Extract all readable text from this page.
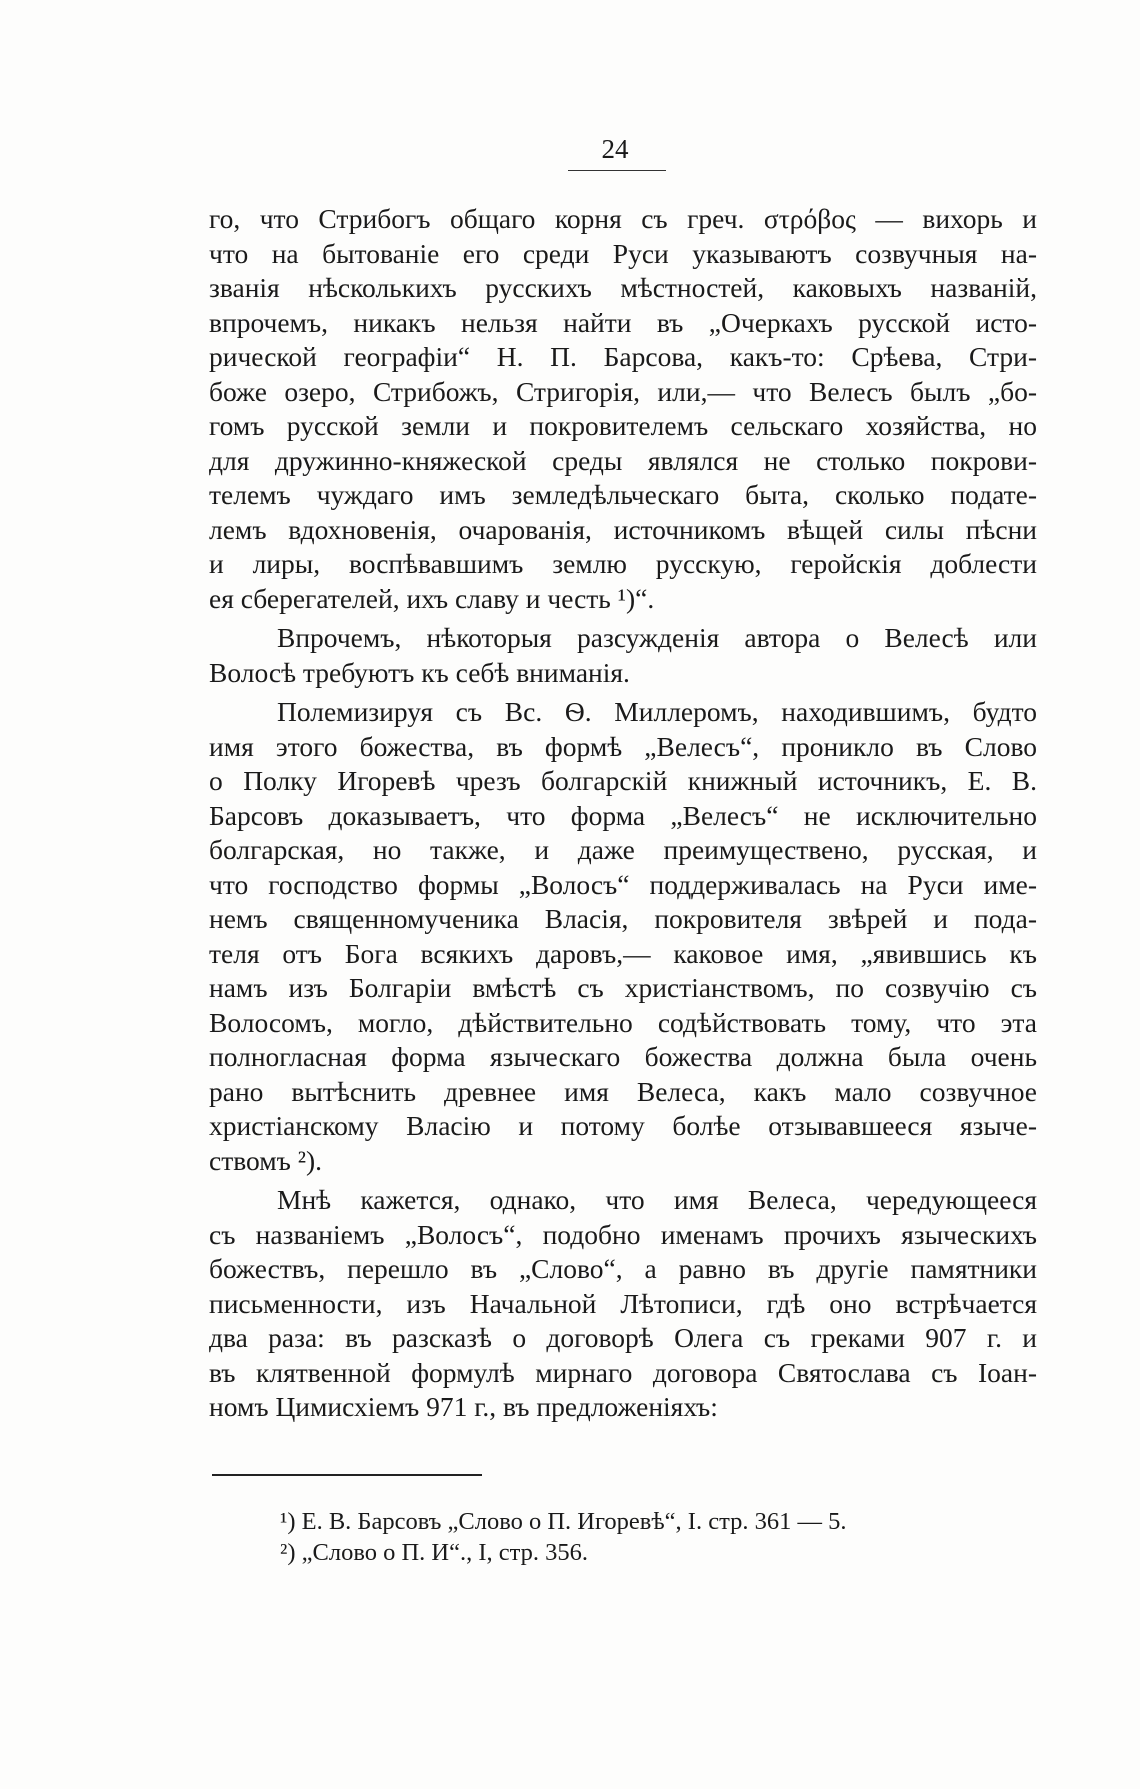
24

го, что Стрибогъ общаго корня съ греч. στρόβος — вихорь и
что на бытованіе его среди Руси указываютъ созвучныя на-
званія нѣсколькихъ русскихъ мѣстностей, каковыхъ названій,
впрочемъ, никакъ нельзя найти въ „Очеркахъ русской исто-
рической географіи“ Н. П. Барсова, какъ-то: Срѣева, Стри-
боже озеро, Стрибожъ, Стригорія, или,— что Велесъ былъ „бо-
гомъ русской земли и покровителемъ сельскаго хозяйства, но
для дружинно-княжеской среды являлся не столько покрови-
телемъ чуждаго имъ земледѣльческаго быта, сколько подате-
лемъ вдохновенія, очарованія, источникомъ вѣщей силы пѣсни
и лиры, воспѣвавшимъ землю русскую, геройскія доблести
ея сберегателей, ихъ славу и честь ¹)“.

Впрочемъ, нѣкоторыя разсужденія автора о Велесѣ или
Волосѣ требуютъ къ себѣ вниманія.

Полемизируя съ Вс. Ѳ. Миллеромъ, находившимъ, будто
имя этого божества, въ формѣ „Велесъ“, проникло въ Слово
о Полку Игоревѣ чрезъ болгарскій книжный источникъ, Е. В.
Барсовъ доказываетъ, что форма „Велесъ“ не исключительно
болгарская, но также, и даже преимуществено, русская, и
что господство формы „Волосъ“ поддерживалась на Руси име-
немъ священномученика Власія, покровителя звѣрей и пода-
теля отъ Бога всякихъ даровъ,— каковое имя, „явившись къ
намъ изъ Болгаріи вмѣстѣ съ христіанствомъ, по созвучію съ
Волосомъ, могло, дѣйствительно содѣйствовать тому, что эта
полногласная форма языческаго божества должна была очень
рано вытѣснить древнее имя Велеса, какъ мало созвучное
христіанскому Власію и потому болѣе отзывавшееся языче-
ствомъ ²).

Мнѣ кажется, однако, что имя Велеса, чередующееся
съ названіемъ „Волосъ“, подобно именамъ прочихъ языческихъ
божествъ, перешло въ „Слово“, а равно въ другіе памятники
письменности, изъ Начальной Лѣтописи, гдѣ оно встрѣчается
два раза: въ разсказѣ о договорѣ Олега съ греками 907 г. и
въ клятвенной формулѣ мирнаго договора Святослава съ Іоан-
номъ Цимисхіемъ 971 г., въ предложеніяхъ:

¹) Е. В. Барсовъ „Слово о П. Игоревѣ“, I. стр. 361 — 5.
²) „Слово о П. И“., I, стр. 356.
